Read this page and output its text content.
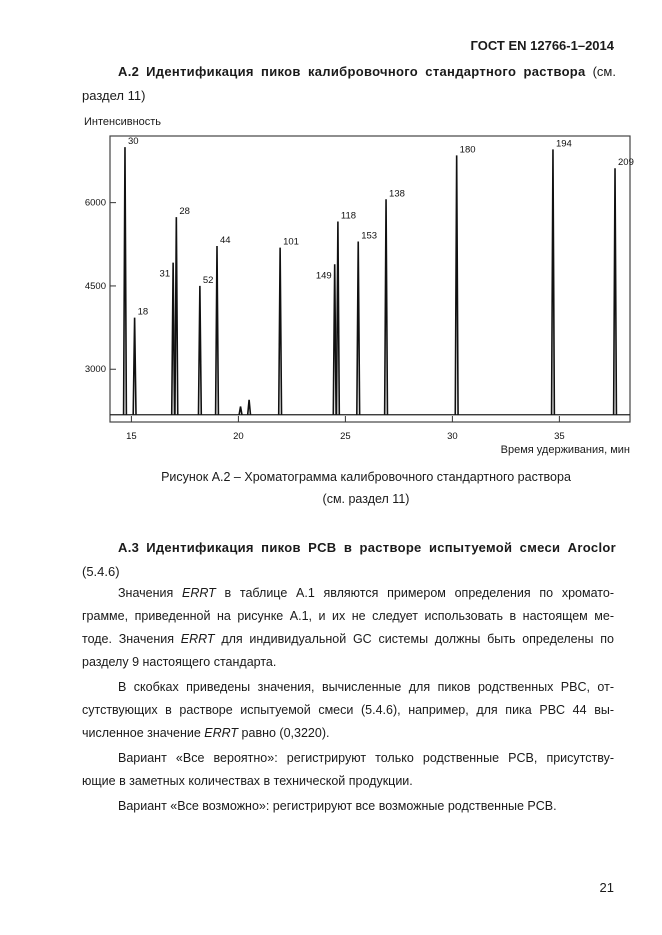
ГОСТ EN 12766-1–2014
А.2 Идентификация пиков калибровочного стандартного раствора (см.
раздел 11)
Интенсивность
30
18
31
28
52
44	101
149
118
153
138
180
194
209
15	20	25	30	35
3000
4500
6000
Время удерживания, мин
Рисунок А.2 – Хроматограмма калибровочного стандартного раствора
(см. раздел 11)
А.3 Идентификация пиков PCB в растворе испытуемой смеси Aroclor
(5.4.6)

Значения ERRT в таблице А.1 являются примером определения по хромато-

грамме, приведенной на рисунке А.1, и их не следует использовать в настоящем ме-

тоде. Значения ERRT для индивидуальной GC системы должны быть определены по

разделу 9 настоящего стандарта.

В скобках приведены значения, вычисленные для пиков родственных PBC, от-

сутствующих в растворе испытуемой смеси (5.4.6), например, для пика PBC 44 вы-

численное значение ERRT равно (0,3220).

Вариант «Все вероятно»: регистрируют только родственные PCB, присутству-

ющие в заметных количествах в технической продукции.

Вариант «Все возможно»: регистрируют все возможные родственные PCB.

21
